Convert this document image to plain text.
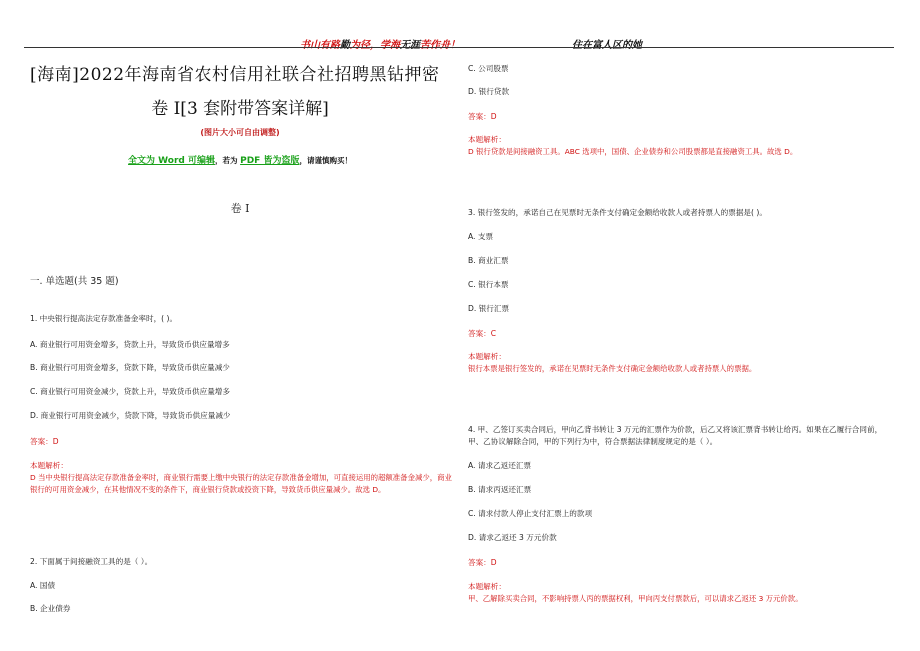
书山有路勤为径，学海无涯苦作舟！	住在富人区的她
[海南]2022年海南省农村信用社联合社招聘黑钻押密
卷 I[3 套附带答案详解]
(图片大小可自由调整)
全文为 Word 可编辑，若为 PDF 皆为盗版，请谨慎购买！
卷 I
一. 单选题(共 35 题)
1. 中央银行提高法定存款准备金率时，( )。
A. 商业银行可用资金增多，贷款上升，导致货币供应量增多
B. 商业银行可用资金增多，贷款下降，导致货币供应量减少
C. 商业银行可用资金减少，贷款上升，导致货币供应量增多
D. 商业银行可用资金减少，贷款下降，导致货币供应量减少
答案：D
本题解析：
D 当中央银行提高法定存款准备金率时，商业银行需要上缴中央银行的法定存款准备金增加，可直接运用的超额准备金减少，商业银行的可用资金减少，在其他情况不变的条件下，商业银行贷款或投资下降，导致货币供应量减少。故选 D。
2. 下面属于间接融资工具的是（ ）。
A. 国债
B. 企业债券
C. 公司股票
D. 银行贷款
答案：D
本题解析：
D 银行贷款是间接融资工具。ABC 选项中，国债、企业债券和公司股票都是直接融资工具。故选 D。
3. 银行签发的，承诺自己在见票时无条件支付确定金额给收款人或者持票人的票据是( )。
A. 支票
B. 商业汇票
C. 银行本票
D. 银行汇票
答案：C
本题解析：
银行本票是银行签发的，承诺在见票时无条件支付确定金额给收款人或者持票人的票据。
4. 甲、乙签订买卖合同后，甲向乙背书转让 3 万元的汇票作为价款，后乙又将该汇票背书转让给丙。如果在乙履行合同前，甲、乙协议解除合同，甲的下列行为中，符合票据法律制度规定的是（ ）。
A. 请求乙返还汇票
B. 请求丙返还汇票
C. 请求付款人停止支付汇票上的款项
D. 请求乙返还 3 万元价款
答案：D
本题解析：
甲、乙解除买卖合同，不影响持票人丙的票据权利，甲向丙支付票款后，可以请求乙返还 3 万元价款。
